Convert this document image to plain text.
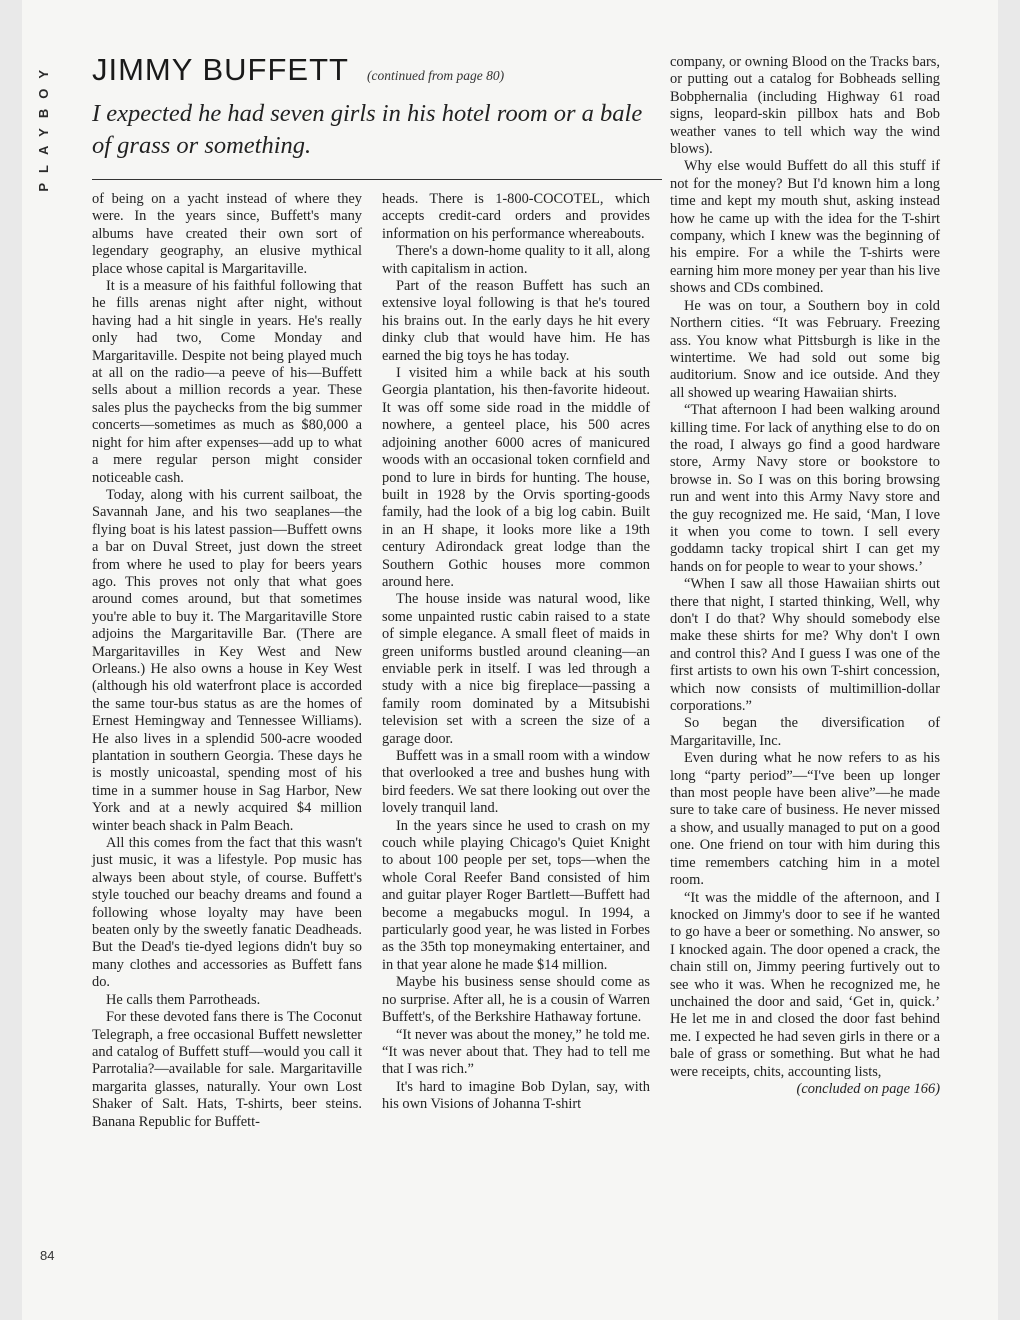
PLAYBOY
84
JIMMY BUFFETT (continued from page 80)
I expected he had seven girls in his hotel room or a bale of grass or something.

of being on a yacht instead of where they were. In the years since, Buffett's many albums have created their own sort of legendary geography, an elusive mythical place whose capital is Margaritaville.

It is a measure of his faithful following that he fills arenas night after night, without having had a hit single in years. He's really only had two, Come Monday and Margaritaville. Despite not being played much at all on the radio—a peeve of his—Buffett sells about a million records a year. These sales plus the paychecks from the big summer concerts—sometimes as much as $80,000 a night for him after expenses—add up to what a mere regular person might consider noticeable cash.

Today, along with his current sailboat, the Savannah Jane, and his two seaplanes—the flying boat is his latest passion—Buffett owns a bar on Duval Street, just down the street from where he used to play for beers years ago. This proves not only that what goes around comes around, but that sometimes you're able to buy it. The Margaritaville Store adjoins the Margaritaville Bar. (There are Margaritavilles in Key West and New Orleans.) He also owns a house in Key West (although his old waterfront place is accorded the same tour-bus status as are the homes of Ernest Hemingway and Tennessee Williams). He also lives in a splendid 500-acre wooded plantation in southern Georgia. These days he is mostly unicoastal, spending most of his time in a summer house in Sag Harbor, New York and at a newly acquired $4 million winter beach shack in Palm Beach.

All this comes from the fact that this wasn't just music, it was a lifestyle. Pop music has always been about style, of course. Buffett's style touched our beachy dreams and found a following whose loyalty may have been beaten only by the sweetly fanatic Deadheads. But the Dead's tie-dyed legions didn't buy so many clothes and accessories as Buffett fans do.

He calls them Parrotheads.

For these devoted fans there is The Coconut Telegraph, a free occasional Buffett newsletter and catalog of Buffett stuff—would you call it Parrotalia?—available for sale. Margaritaville margarita glasses, naturally. Your own Lost Shaker of Salt. Hats, T-shirts, beer steins. Banana Republic for Buffett-

heads. There is 1-800-COCOTEL, which accepts credit-card orders and provides information on his performance whereabouts.

There's a down-home quality to it all, along with capitalism in action.

Part of the reason Buffett has such an extensive loyal following is that he's toured his brains out. In the early days he hit every dinky club that would have him. He has earned the big toys he has today.

I visited him a while back at his south Georgia plantation, his then-favorite hideout. It was off some side road in the middle of nowhere, a genteel place, his 500 acres adjoining another 6000 acres of manicured woods with an occasional token cornfield and pond to lure in birds for hunting. The house, built in 1928 by the Orvis sporting-goods family, had the look of a big log cabin. Built in an H shape, it looks more like a 19th century Adirondack great lodge than the Southern Gothic houses more common around here.

The house inside was natural wood, like some unpainted rustic cabin raised to a state of simple elegance. A small fleet of maids in green uniforms bustled around cleaning—an enviable perk in itself. I was led through a study with a nice big fireplace—passing a family room dominated by a Mitsubishi television set with a screen the size of a garage door.

Buffett was in a small room with a window that overlooked a tree and bushes hung with bird feeders. We sat there looking out over the lovely tranquil land.

In the years since he used to crash on my couch while playing Chicago's Quiet Knight to about 100 people per set, tops—when the whole Coral Reefer Band consisted of him and guitar player Roger Bartlett—Buffett had become a megabucks mogul. In 1994, a particularly good year, he was listed in Forbes as the 35th top moneymaking entertainer, and in that year alone he made $14 million.

Maybe his business sense should come as no surprise. After all, he is a cousin of Warren Buffett's, of the Berkshire Hathaway fortune.

“It never was about the money,” he told me. “It was never about that. They had to tell me that I was rich.”

It's hard to imagine Bob Dylan, say, with his own Visions of Johanna T-shirt

company, or owning Blood on the Tracks bars, or putting out a catalog for Bobheads selling Bobphernalia (including Highway 61 road signs, leopard-skin pillbox hats and Bob weather vanes to tell which way the wind blows).

Why else would Buffett do all this stuff if not for the money? But I'd known him a long time and kept my mouth shut, asking instead how he came up with the idea for the T-shirt company, which I knew was the beginning of his empire. For a while the T-shirts were earning him more money per year than his live shows and CDs combined.

He was on tour, a Southern boy in cold Northern cities. “It was February. Freezing ass. You know what Pittsburgh is like in the wintertime. We had sold out some big auditorium. Snow and ice outside. And they all showed up wearing Hawaiian shirts.

“That afternoon I had been walking around killing time. For lack of anything else to do on the road, I always go find a good hardware store, Army Navy store or bookstore to browse in. So I was on this boring browsing run and went into this Army Navy store and the guy recognized me. He said, ‘Man, I love it when you come to town. I sell every goddamn tacky tropical shirt I can get my hands on for people to wear to your shows.’

“When I saw all those Hawaiian shirts out there that night, I started thinking, Well, why don't I do that? Why should somebody else make these shirts for me? Why don't I own and control this? And I guess I was one of the first artists to own his own T-shirt concession, which now consists of multimillion-dollar corporations.”

So began the diversification of Margaritaville, Inc.

Even during what he now refers to as his long “party period”—“I've been up longer than most people have been alive”—he made sure to take care of business. He never missed a show, and usually managed to put on a good one. One friend on tour with him during this time remembers catching him in a motel room.

“It was the middle of the afternoon, and I knocked on Jimmy's door to see if he wanted to go have a beer or something. No answer, so I knocked again. The door opened a crack, the chain still on, Jimmy peering furtively out to see who it was. When he recognized me, he unchained the door and said, ‘Get in, quick.’ He let me in and closed the door fast behind me. I expected he had seven girls in there or a bale of grass or something. But what he had were receipts, chits, accounting lists,

(concluded on page 166)
